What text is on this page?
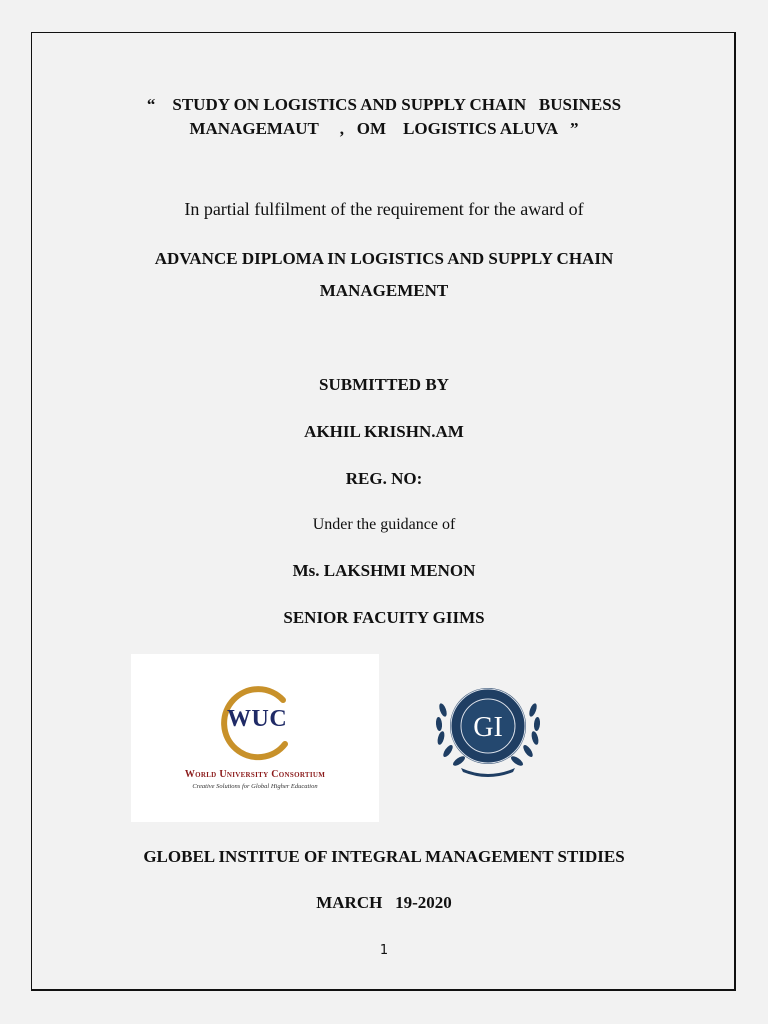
“    STUDY ON LOGISTICS AND SUPPLY CHAIN   BUSINESS
MANAGEMAUT     ,   OM    LOGISTICS ALUVA   ”
In partial fulfilment of the requirement for the award of
ADVANCE DIPLOMA IN LOGISTICS AND SUPPLY CHAIN
MANAGEMENT
SUBMITTED BY
AKHIL KRISHN.AM
REG. NO:
Under the guidance of
Ms. LAKSHMI MENON
SENIOR FACUITY GIIMS
WUC
World University Consortium
Creative Solutions for Global Higher Education
GI
GLOBEL INSTITUE OF INTEGRAL MANAGEMENT STIDIES
MARCH   19-2020
1
